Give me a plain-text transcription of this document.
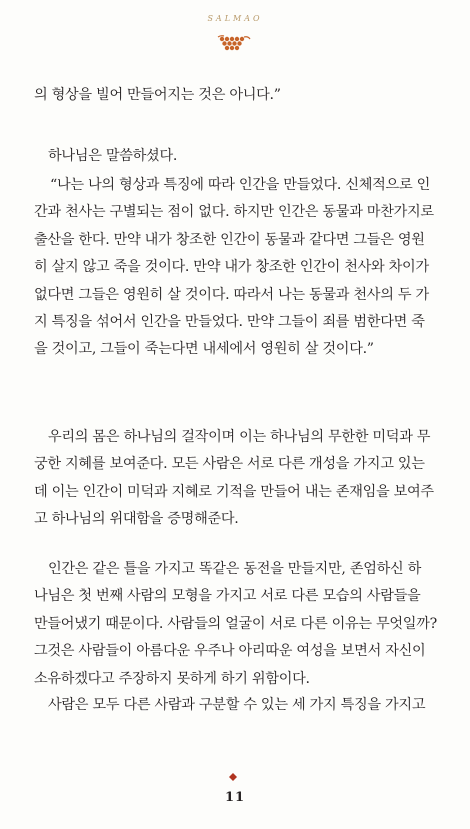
SALMAO
의 형상을 빌어 만들어지는 것은 아니다.”
하나님은 말씀하셨다.
“나는 나의 형상과 특징에 따라 인간을 만들었다. 신체적으로 인
간과 천사는 구별되는 점이 없다. 하지만 인간은 동물과 마찬가지로
출산을 한다. 만약 내가 창조한 인간이 동물과 같다면 그들은 영원
히 살지 않고 죽을 것이다. 만약 내가 창조한 인간이 천사와 차이가
없다면 그들은 영원히 살 것이다. 따라서 나는 동물과 천사의 두 가
지 특징을 섞어서 인간을 만들었다. 만약 그들이 죄를 범한다면 죽
을 것이고, 그들이 죽는다면 내세에서 영원히 살 것이다.”
우리의 몸은 하나님의 걸작이며 이는 하나님의 무한한 미덕과 무
궁한 지혜를 보여준다. 모든 사람은 서로 다른 개성을 가지고 있는
데 이는 인간이 미덕과 지혜로 기적을 만들어 내는 존재임을 보여주
고 하나님의 위대함을 증명해준다.
인간은 같은 틀을 가지고 똑같은 동전을 만들지만, 존엄하신 하
나님은 첫 번째 사람의 모형을 가지고 서로 다른 모습의 사람들을
만들어냈기 때문이다. 사람들의 얼굴이 서로 다른 이유는 무엇일까?
그것은 사람들이 아름다운 우주나 아리따운 여성을 보면서 자신이
소유하겠다고 주장하지 못하게 하기 위함이다.
사람은 모두 다른 사람과 구분할 수 있는 세 가지 특징을 가지고
11
